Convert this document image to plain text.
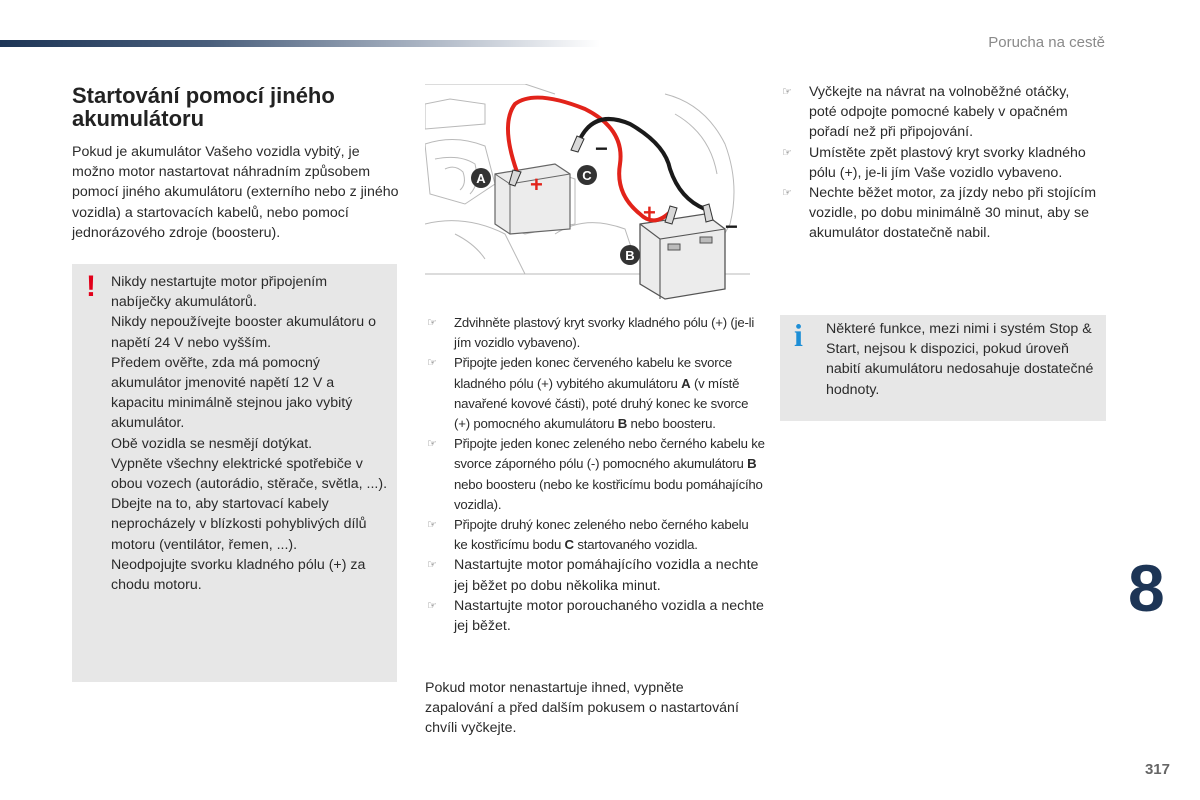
Porucha na cestě
Startování pomocí jiného akumulátoru

Pokud je akumulátor Vašeho vozidla vybitý, je možno motor nastartovat náhradním způsobem pomocí jiného akumulátoru (externího nebo z jiného vozidla) a startovacích kabelů, nebo pomocí jednorázového zdroje (boosteru).

! Nikdy nestartujte motor připojením nabíječky akumulátorů.
Nikdy nepoužívejte booster akumulátoru o napětí 24 V nebo vyšším.
Předem ověřte, zda má pomocný akumulátor jmenovité napětí 12 V a kapacitu minimálně stejnou jako vybitý akumulátor.
Obě vozidla se nesmějí dotýkat.
Vypněte všechny elektrické spotřebiče v obou vozech (autorádio, stěrače, světla, ...).
Dbejte na to, aby startovací kabely neprocházely v blízkosti pohyblivých dílů motoru (ventilátor, řemen, ...).
Neodpojujte svorku kladného pólu (+) za chodu motoru.
+
+
−
−
A	C
B
☞ Zdvihněte plastový kryt svorky kladného pólu (+) (je-li jím vozidlo vybaveno).
☞ Připojte jeden konec červeného kabelu ke svorce kladného pólu (+) vybitého akumulátoru A (v místě navařené kovové části), poté druhý konec ke svorce (+) pomocného akumulátoru B nebo boosteru.
☞ Připojte jeden konec zeleného nebo černého kabelu ke svorce záporného pólu (-) pomocného akumulátoru B nebo boosteru (nebo ke kostřicímu bodu pomáhajícího vozidla).
☞ Připojte druhý konec zeleného nebo černého kabelu ke kostřicímu bodu C startovaného vozidla.
☞ Nastartujte motor pomáhajícího vozidla a nechte jej běžet po dobu několika minut.
☞ Nastartujte motor porouchaného vozidla a nechte jej běžet.

Pokud motor nenastartuje ihned, vypněte zapalování a před dalším pokusem o nastartování chvíli vyčkejte.

☞ Vyčkejte na návrat na volnoběžné otáčky, poté odpojte pomocné kabely v opačném pořadí než při připojování.
☞ Umístěte zpět plastový kryt svorky kladného pólu (+), je-li jím Vaše vozidlo vybaveno.
☞ Nechte běžet motor, za jízdy nebo při stojícím vozidle, po dobu minimálně 30 minut, aby se akumulátor dostatečně nabil.
i Některé funkce, mezi nimi i systém Stop & Start, nejsou k dispozici, pokud úroveň nabití akumulátoru nedosahuje dostatečné hodnoty.
8
317
